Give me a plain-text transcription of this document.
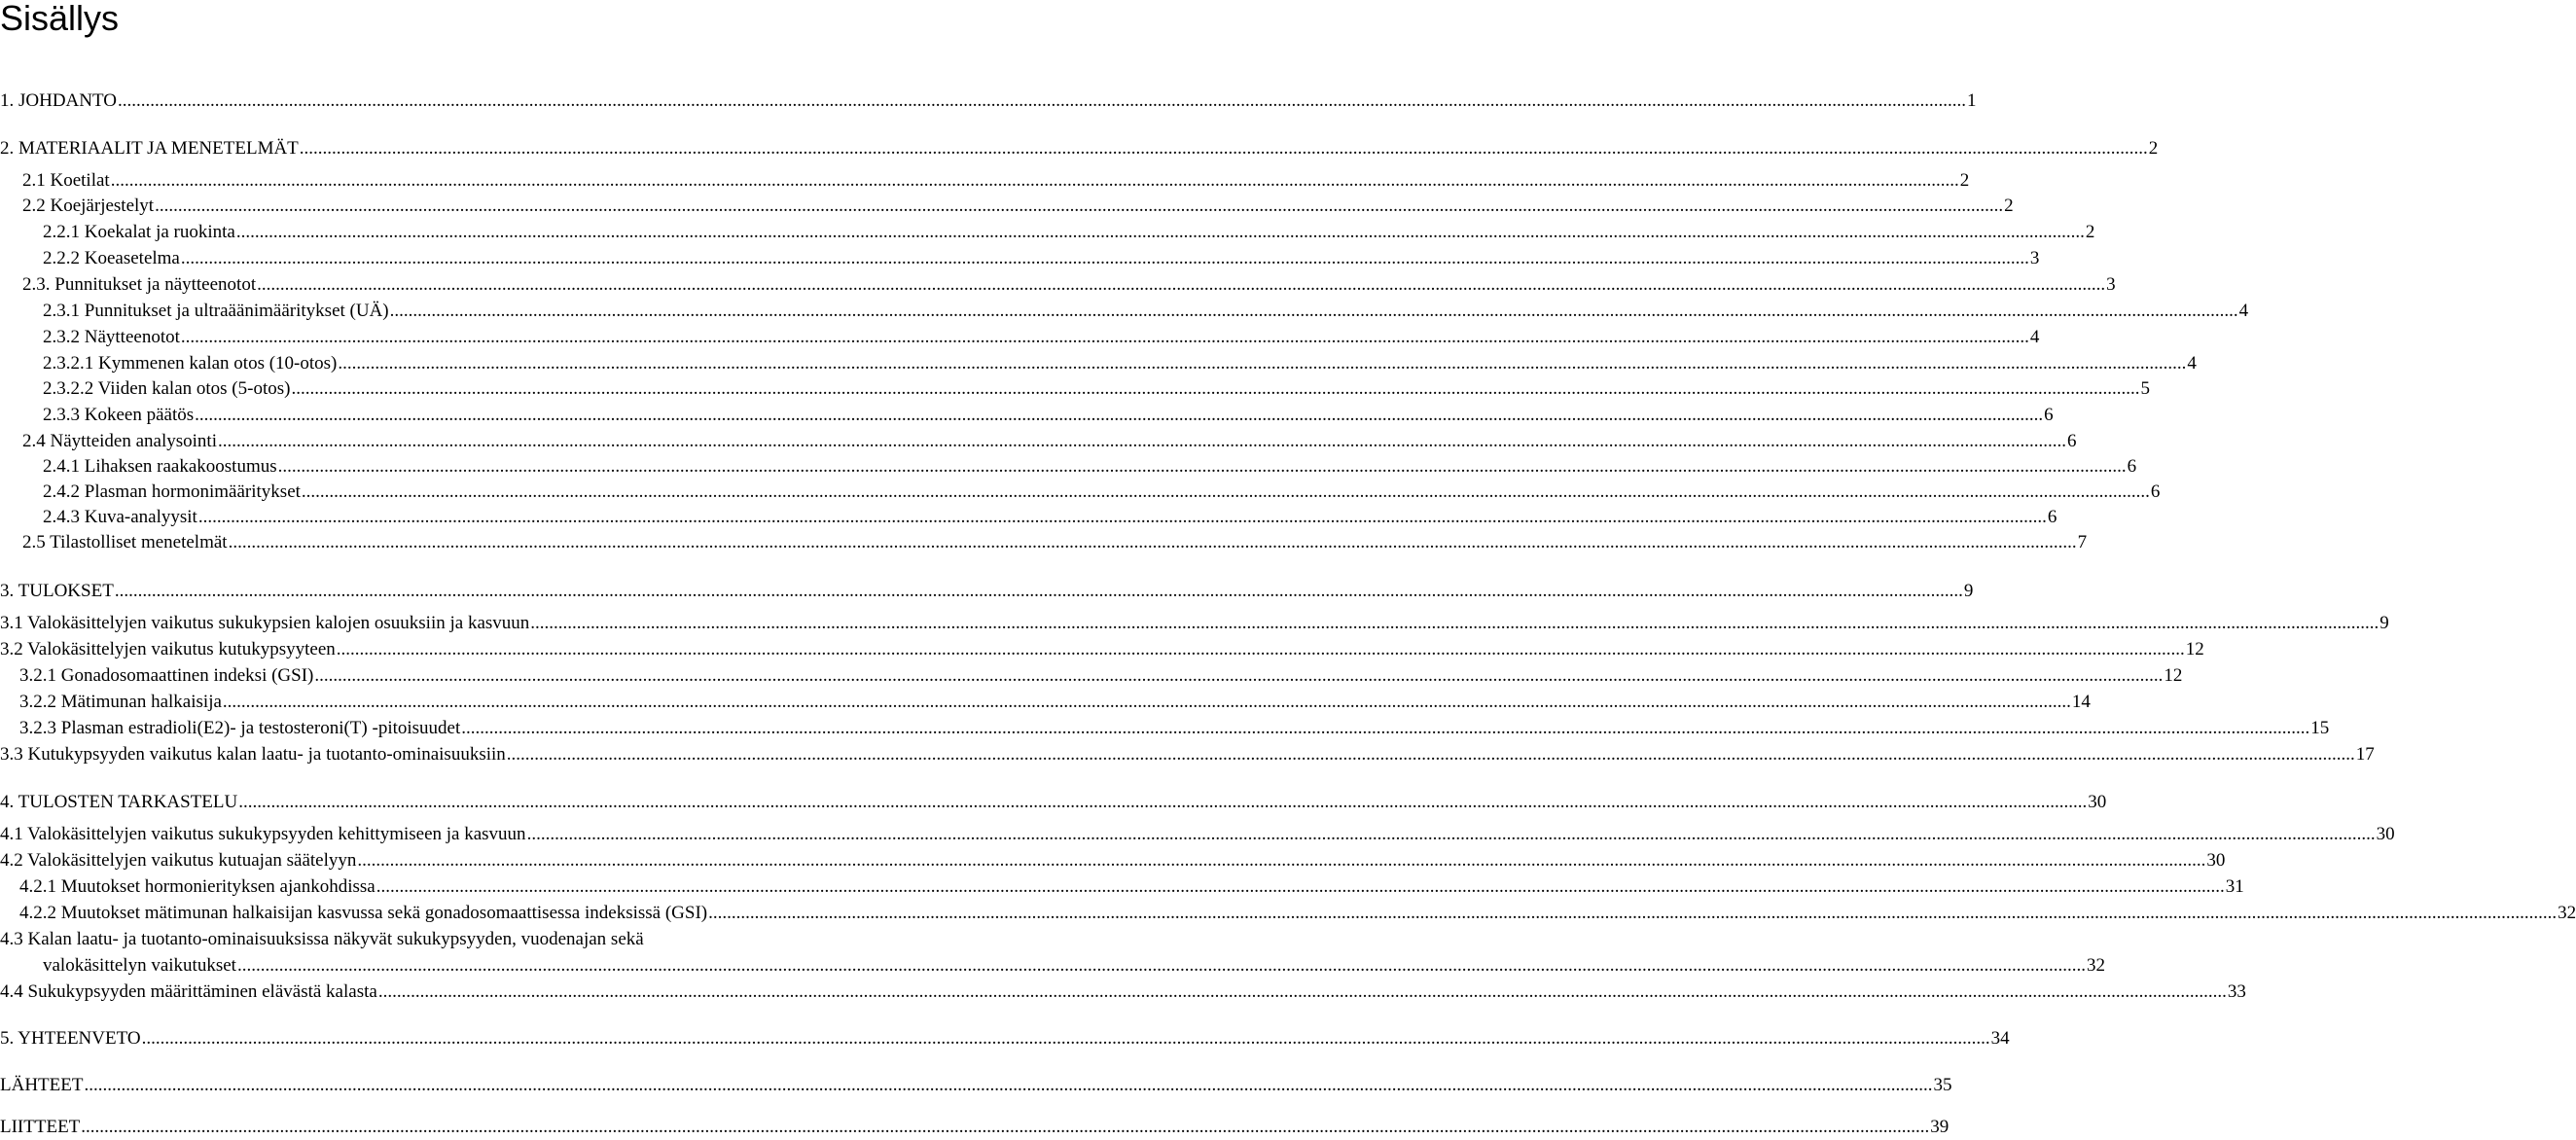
Sisällys
1. JOHDANTO ................................................................................................................................................................................................................................................................................................................................................................................................................ 1
2. MATERIAALIT JA MENETELMÄT ................................................................................................................................................................................................................................................................................................................................................................................................................ 2
2.1 Koetilat ................................................................................................................................................................................................................................................................................................................................................................................................................ 2
2.2 Koejärjestelyt ................................................................................................................................................................................................................................................................................................................................................................................................................ 2
2.2.1 Koekalat ja ruokinta ................................................................................................................................................................................................................................................................................................................................................................................................................ 2
2.2.2 Koeasetelma ................................................................................................................................................................................................................................................................................................................................................................................................................ 3
2.3. Punnitukset ja näytteenotot ................................................................................................................................................................................................................................................................................................................................................................................................................ 3
2.3.1 Punnitukset ja ultraäänimääritykset (UÄ) ................................................................................................................................................................................................................................................................................................................................................................................................................ 4
2.3.2 Näytteenotot ................................................................................................................................................................................................................................................................................................................................................................................................................ 4
2.3.2.1 Kymmenen kalan otos (10-otos) ................................................................................................................................................................................................................................................................................................................................................................................................................ 4
2.3.2.2 Viiden kalan otos (5-otos) ................................................................................................................................................................................................................................................................................................................................................................................................................ 5
2.3.3 Kokeen päätös ................................................................................................................................................................................................................................................................................................................................................................................................................ 6
2.4 Näytteiden analysointi ................................................................................................................................................................................................................................................................................................................................................................................................................ 6
2.4.1 Lihaksen raakakoostumus ................................................................................................................................................................................................................................................................................................................................................................................................................ 6
2.4.2 Plasman hormonimääritykset ................................................................................................................................................................................................................................................................................................................................................................................................................ 6
2.4.3 Kuva-analyysit ................................................................................................................................................................................................................................................................................................................................................................................................................ 6
2.5 Tilastolliset menetelmät ................................................................................................................................................................................................................................................................................................................................................................................................................ 7
3. TULOKSET ................................................................................................................................................................................................................................................................................................................................................................................................................ 9
3.1 Valokäsittelyjen vaikutus sukukypsien kalojen osuuksiin ja kasvuun ................................................................................................................................................................................................................................................................................................................................................................................................................ 9
3.2 Valokäsittelyjen vaikutus kutukypsyyteen ................................................................................................................................................................................................................................................................................................................................................................................................................ 12
3.2.1 Gonadosomaattinen indeksi (GSI) ................................................................................................................................................................................................................................................................................................................................................................................................................ 12
3.2.2 Mätimunan halkaisija ................................................................................................................................................................................................................................................................................................................................................................................................................ 14
3.2.3 Plasman estradioli(E2)- ja testosteroni(T) -pitoisuudet ................................................................................................................................................................................................................................................................................................................................................................................................................ 15
3.3 Kutukypsyyden vaikutus kalan laatu- ja tuotanto-ominaisuuksiin ................................................................................................................................................................................................................................................................................................................................................................................................................ 17
4. TULOSTEN TARKASTELU ................................................................................................................................................................................................................................................................................................................................................................................................................ 30
4.1 Valokäsittelyjen vaikutus sukukypsyyden kehittymiseen ja kasvuun ................................................................................................................................................................................................................................................................................................................................................................................................................ 30
4.2 Valokäsittelyjen vaikutus kutuajan säätelyyn ................................................................................................................................................................................................................................................................................................................................................................................................................ 30
4.2.1 Muutokset hormonierityksen ajankohdissa ................................................................................................................................................................................................................................................................................................................................................................................................................ 31
4.2.2 Muutokset mätimunan halkaisijan kasvussa sekä gonadosomaattisessa indeksissä (GSI) ................................................................................................................................................................................................................................................................................................................................................................................................................ 32
4.3 Kalan laatu- ja tuotanto-ominaisuuksissa näkyvät sukukypsyyden, vuodenajan sekä
valokäsittelyn vaikutukset ................................................................................................................................................................................................................................................................................................................................................................................................................ 32
4.4 Sukukypsyyden määrittäminen elävästä kalasta ................................................................................................................................................................................................................................................................................................................................................................................................................ 33
5. YHTEENVETO ................................................................................................................................................................................................................................................................................................................................................................................................................ 34
LÄHTEET ................................................................................................................................................................................................................................................................................................................................................................................................................ 35
LIITTEET ................................................................................................................................................................................................................................................................................................................................................................................................................ 39
